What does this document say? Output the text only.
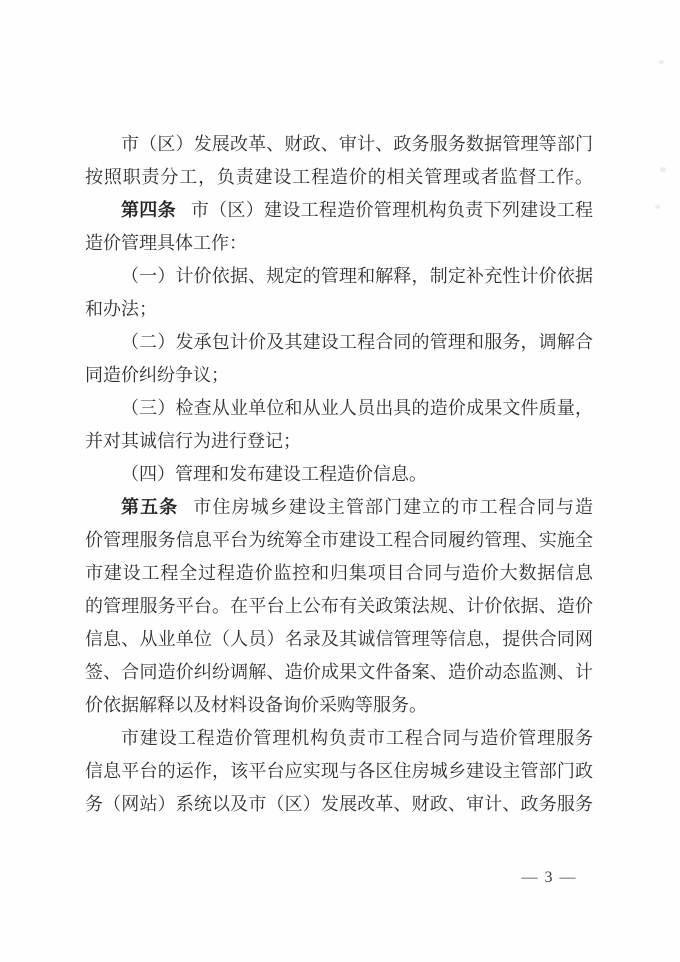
市（区）发展改革、财政、审计、政务服务数据管理等部门
按照职责分工，负责建设工程造价的相关管理或者监督工作。
第四条 市（区）建设工程造价管理机构负责下列建设工程
造价管理具体工作：
（一）计价依据、规定的管理和解释，制定补充性计价依据
和办法；
（二）发承包计价及其建设工程合同的管理和服务，调解合
同造价纠纷争议；
（三）检查从业单位和从业人员出具的造价成果文件质量，
并对其诚信行为进行登记；
（四）管理和发布建设工程造价信息。
第五条 市住房城乡建设主管部门建立的市工程合同与造
价管理服务信息平台为统筹全市建设工程合同履约管理、实施全
市建设工程全过程造价监控和归集项目合同与造价大数据信息
的管理服务平台。在平台上公布有关政策法规、计价依据、造价
信息、从业单位（人员）名录及其诚信管理等信息，提供合同网
签、合同造价纠纷调解、造价成果文件备案、造价动态监测、计
价依据解释以及材料设备询价采购等服务。
市建设工程造价管理机构负责市工程合同与造价管理服务
信息平台的运作，该平台应实现与各区住房城乡建设主管部门政
务（网站）系统以及市（区）发展改革、财政、审计、政务服务
— 3 —
